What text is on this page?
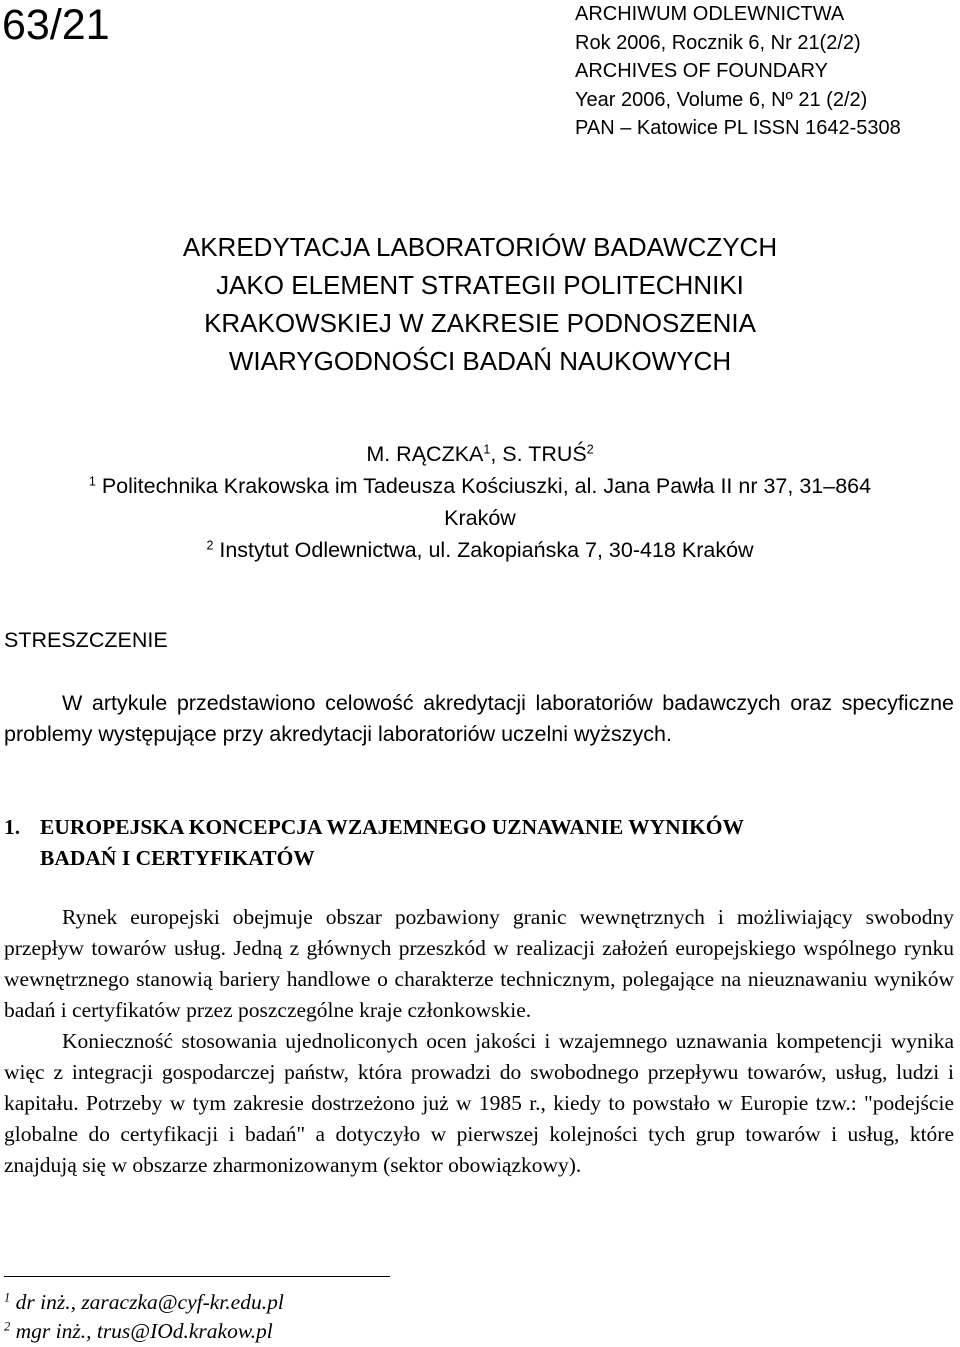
63/21	ARCHIWUM ODLEWNICTWA
Rok 2006, Rocznik 6, Nr 21(2/2)
ARCHIVES OF FOUNDARY
Year 2006, Volume 6, Nº 21 (2/2)
PAN – Katowice PL ISSN 1642-5308
AKREDYTACJA LABORATORIÓW BADAWCZYCH
JAKO ELEMENT STRATEGII POLITECHNIKI
KRAKOWSKIEJ W ZAKRESIE PODNOSZENIA
WIARYGODNOŚCI BADAŃ NAUKOWYCH
M. RĄCZKA$^1$, S. TRUŚ$^2$
$^1$ Politechnika Krakowska im Tadeusza Kościuszki, al. Jana Pawła II nr 37, 31–864
Kraków
$^2$ Instytut Odlewnictwa, ul. Zakopiańska 7, 30-418 Kraków
STRESZCZENIE
W artykule przedstawiono celowość akredytacji laboratoriów badawczych oraz specyficzne problemy występujące przy akredytacji laboratoriów uczelni wyższych.
1. EUROPEJSKA KONCEPCJA WZAJEMNEGO UZNAWANIE WYNIKÓW
BADAŃ I CERTYFIKATÓW

Rynek europejski obejmuje obszar pozbawiony granic wewnętrznych i możliwiający swobodny przepływ towarów usług. Jedną z głównych przeszkód w realizacji założeń europejskiego wspólnego rynku wewnętrznego stanowią bariery handlowe o charakterze technicznym, polegające na nieuznawaniu wyników badań i certyfikatów przez poszczególne kraje członkowskie.

Konieczność stosowania ujednoliconych ocen jakości i wzajemnego uznawania kompetencji wynika więc z integracji gospodarczej państw, która prowadzi do swobodnego przepływu towarów, usług, ludzi i kapitału. Potrzeby w tym zakresie dostrzeżono już w 1985 r., kiedy to powstało w Europie tzw.: "podejście globalne do certyfikacji i badań" a dotyczyło w pierwszej kolejności tych grup towarów i usług, które znajdują się w obszarze zharmonizowanym (sektor obowiązkowy).

$^1$ dr inż., zaraczka@cyf-kr.edu.pl
$^2$ mgr inż., trus@IOd.krakow.pl
